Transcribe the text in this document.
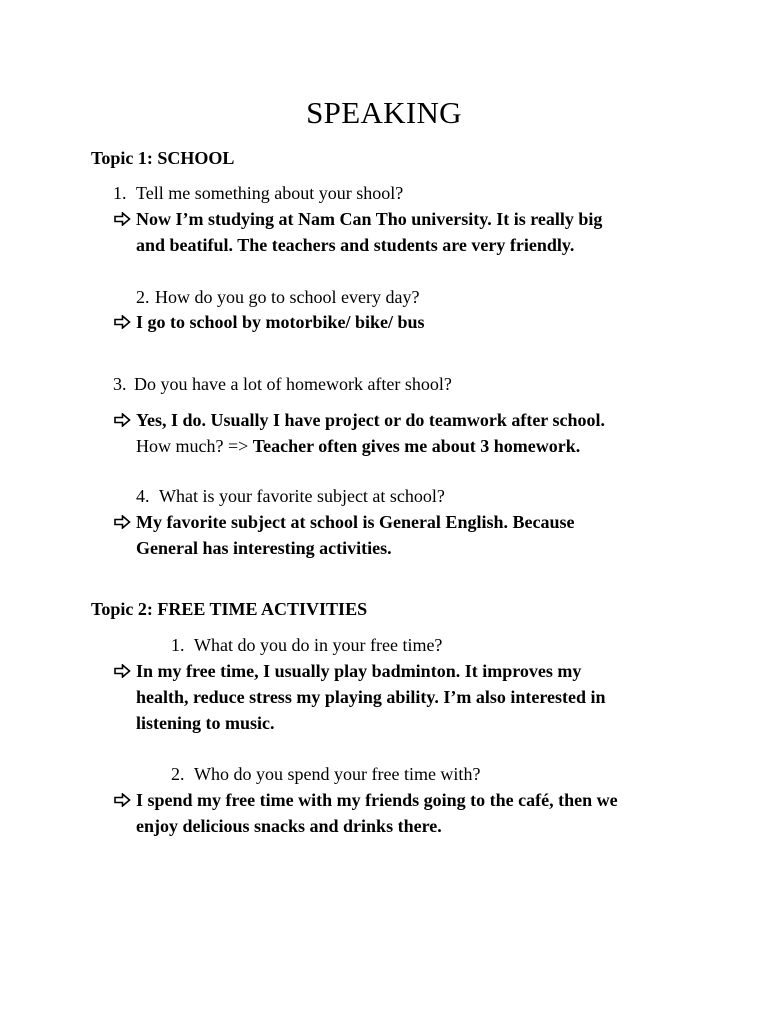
SPEAKING
Topic 1: SCHOOL
1. Tell me something about your shool?
Now I’m studying at Nam Can Tho university. It is really big
and beatiful. The teachers and students are very friendly.
2. How do you go to school every day?
I go to school by motorbike/ bike/ bus
3. Do you have a lot of homework after shool?
Yes, I do. Usually I have project or do teamwork after school.
How much? => Teacher often gives me about 3 homework.
4. What is your favorite subject at school?
My favorite subject at school is General English. Because
General has interesting activities.
Topic 2: FREE TIME ACTIVITIES
1. What do you do in your free time?
In my free time, I usually play badminton. It improves my
health, reduce stress my playing ability. I’m also interested in
listening to music.
2. Who do you spend your free time with?
I spend my free time with my friends going to the café, then we
enjoy delicious snacks and drinks there.
